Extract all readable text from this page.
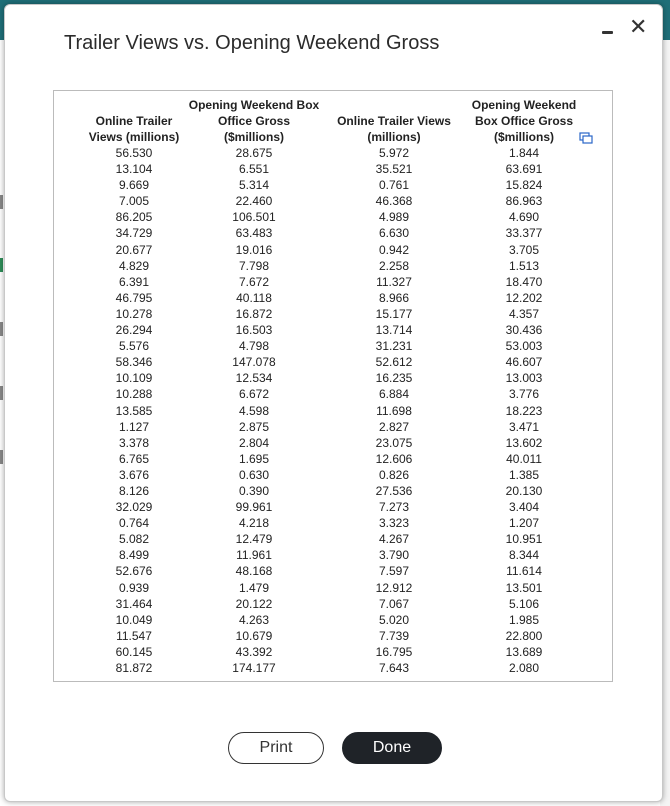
Trailer Views vs. Opening Weekend Gross
✕
Online Trailer Views (millions)	Opening Weekend Box Office Gross ($millions)	Online Trailer Views (millions)	Opening Weekend Box Office Gross ($millions)
56.530	28.675	5.972	1.844
13.104	6.551	35.521	63.691
9.669	5.314	0.761	15.824
7.005	22.460	46.368	86.963
86.205	106.501	4.989	4.690
34.729	63.483	6.630	33.377
20.677	19.016	0.942	3.705
4.829	7.798	2.258	1.513
6.391	7.672	11.327	18.470
46.795	40.118	8.966	12.202
10.278	16.872	15.177	4.357
26.294	16.503	13.714	30.436
5.576	4.798	31.231	53.003
58.346	147.078	52.612	46.607
10.109	12.534	16.235	13.003
10.288	6.672	6.884	3.776
13.585	4.598	11.698	18.223
1.127	2.875	2.827	3.471
3.378	2.804	23.075	13.602
6.765	1.695	12.606	40.011
3.676	0.630	0.826	1.385
8.126	0.390	27.536	20.130
32.029	99.961	7.273	3.404
0.764	4.218	3.323	1.207
5.082	12.479	4.267	10.951
8.499	11.961	3.790	8.344
52.676	48.168	7.597	11.614
0.939	1.479	12.912	13.501
31.464	20.122	7.067	5.106
10.049	4.263	5.020	1.985
11.547	10.679	7.739	22.800
60.145	43.392	16.795	13.689
81.872	174.177	7.643	2.080
Print	Done
